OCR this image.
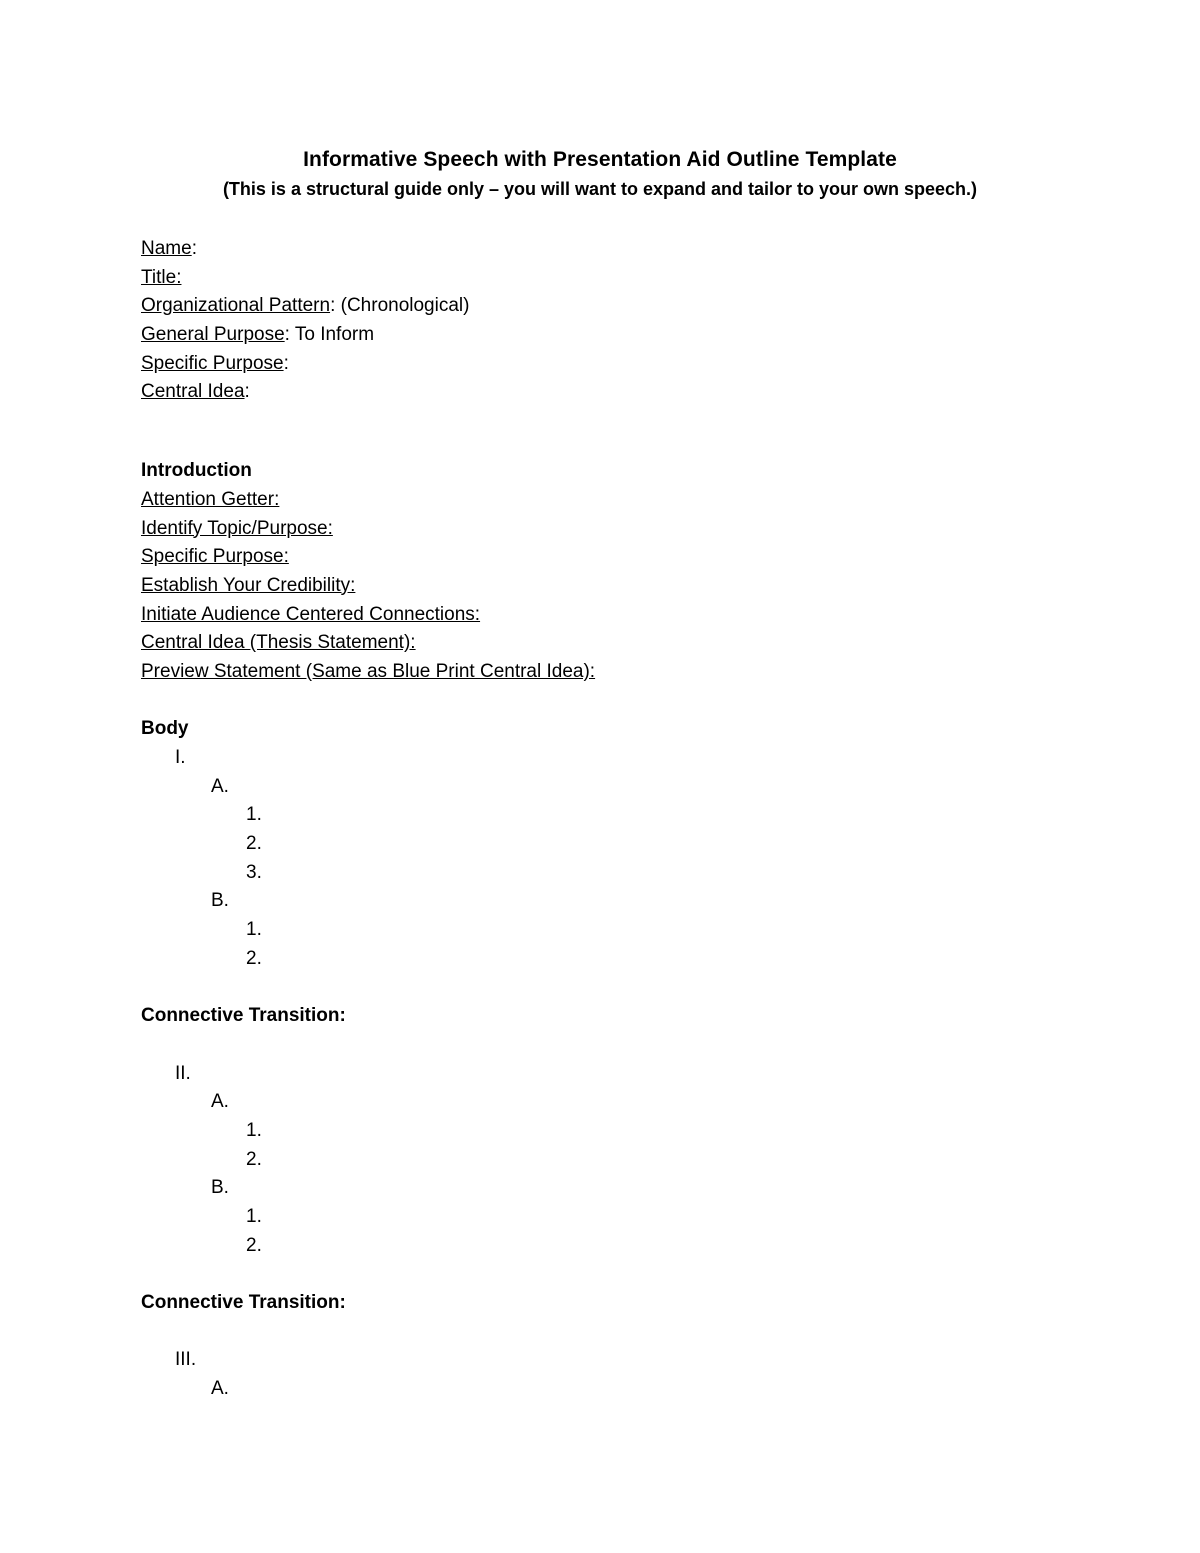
Informative Speech with Presentation Aid Outline Template
(This is a structural guide only – you will want to expand and tailor to your own speech.)
Name:
Title:
Organizational Pattern: (Chronological)
General Purpose: To Inform
Specific Purpose:
Central Idea:
Introduction
Attention Getter:
Identify Topic/Purpose:
Specific Purpose:
Establish Your Credibility:
Initiate Audience Centered Connections:
Central Idea (Thesis Statement):
Preview Statement (Same as Blue Print Central Idea):
Body
I.
A.
1.
2.
3.
B.
1.
2.
Connective Transition:
II.
A.
1.
2.
B.
1.
2.
Connective Transition:
III.
A.
